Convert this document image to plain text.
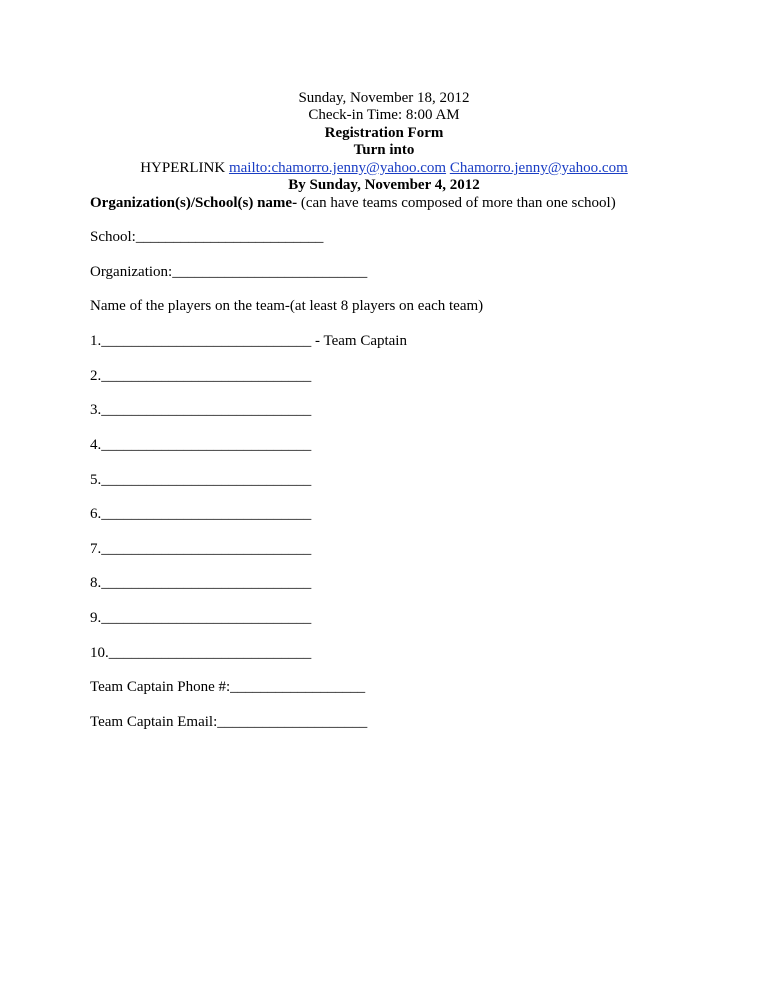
Sunday, November 18, 2012
Check-in Time: 8:00 AM
Registration Form
Turn into
HYPERLINK mailto:chamorro.jenny@yahoo.com Chamorro.jenny@yahoo.com
By Sunday, November 4, 2012
Organization(s)/School(s) name- (can have teams composed of more than one school)
School:_________________________
Organization:__________________________
Name of the players on the team-(at least 8 players on each team)
1.____________________________ - Team Captain
2.____________________________
3.____________________________
4.____________________________
5.____________________________
6.____________________________
7.____________________________
8.____________________________
9.____________________________
10.___________________________
Team Captain Phone #:__________________
Team Captain Email:____________________
